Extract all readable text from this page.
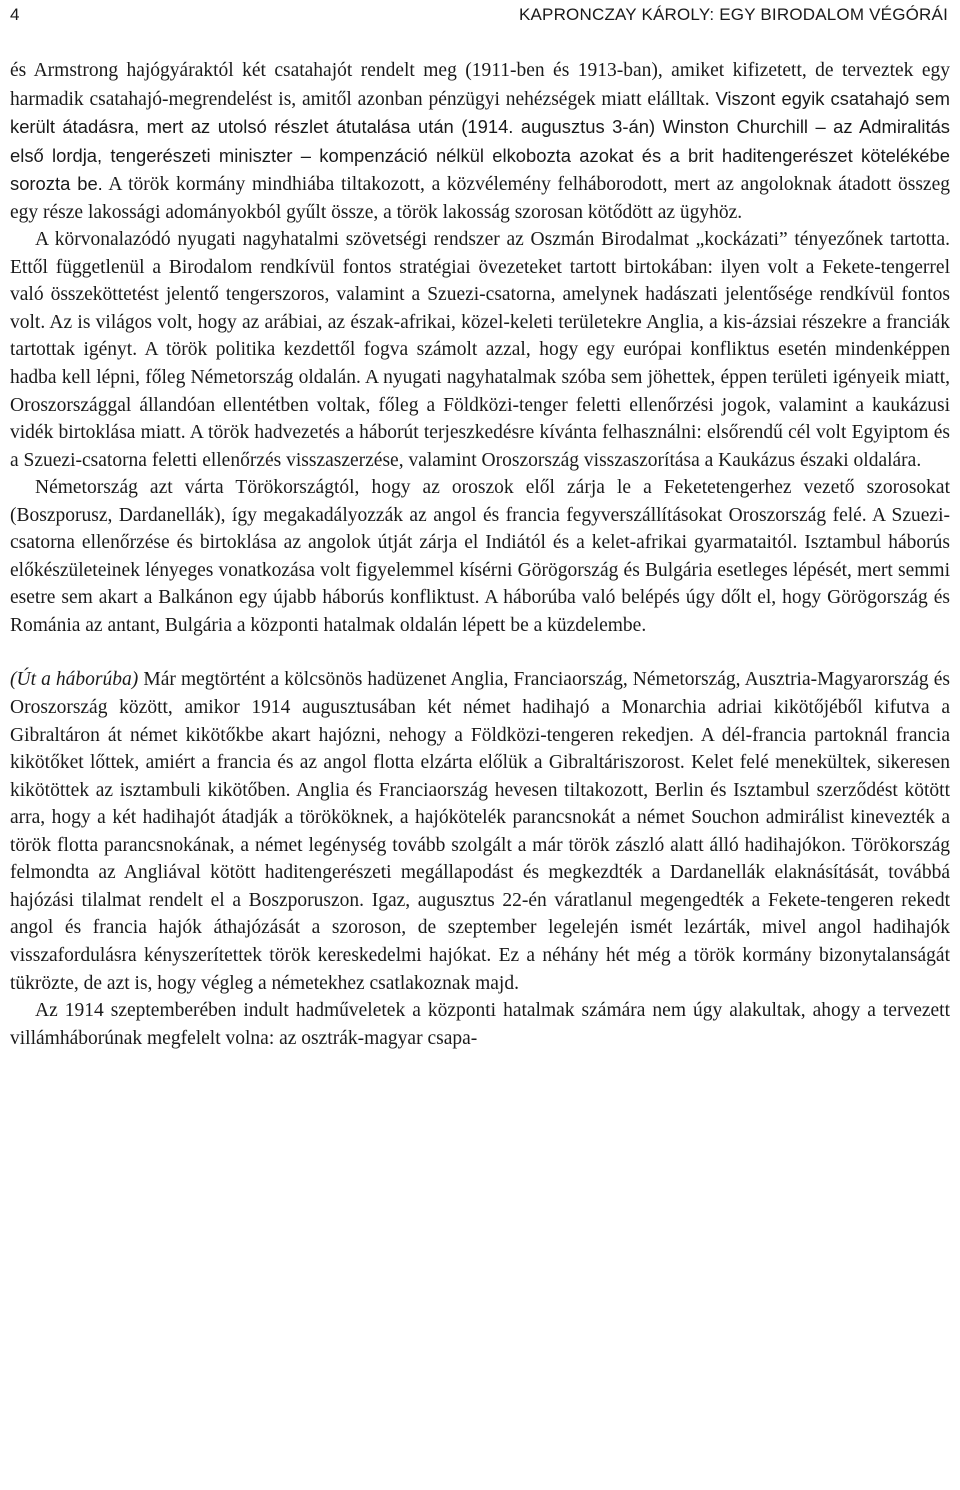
4	KAPRONCZAY KÁROLY: EGY BIRODALOM VÉGÓRÁI

és Armstrong hajógyáraktól két csatahajót rendelt meg (1911-ben és 1913-ban), amiket kifizetett, de terveztek egy harmadik csatahajó-megrendelést is, amitől azonban pénzügyi nehézségek miatt elálltak. Viszont egyik csatahajó sem került átadásra, mert az utolsó részlet átutalása után (1914. augusztus 3-án) Winston Churchill – az Admiralitás első lordja, tengerészeti miniszter – kompenzáció nélkül elkobozta azokat és a brit haditengerészet kötelékébe sorozta be. A török kormány mindhiába tiltakozott, a közvélemény felháborodott, mert az angoloknak átadott összeg egy része lakossági adományokból gyűlt össze, a török lakosság szorosan kötődött az ügyhöz.

A körvonalazódó nyugati nagyhatalmi szövetségi rendszer az Oszmán Birodalmat „kockázati” tényezőnek tartotta. Ettől függetlenül a Birodalom rendkívül fontos stratégiai övezeteket tartott birtokában: ilyen volt a Fekete-tengerrel való összeköttetést jelentő tengerszoros, valamint a Szuezi-csatorna, amelynek hadászati jelentősége rendkívül fontos volt. Az is világos volt, hogy az arábiai, az észak-afrikai, közel-keleti területekre Anglia, a kis-ázsiai részekre a franciák tartottak igényt. A török politika kezdettől fogva számolt azzal, hogy egy európai konfliktus esetén mindenképpen hadba kell lépni, főleg Németország oldalán. A nyugati nagyhatalmak szóba sem jöhettek, éppen területi igényeik miatt, Oroszországgal állandóan ellentétben voltak, főleg a Földközi-tenger feletti ellenőrzési jogok, valamint a kaukázusi vidék birtoklása miatt. A török hadvezetés a háborút terjeszkedésre kívánta felhasználni: elsőrendű cél volt Egyiptom és a Szuezi-csatorna feletti ellenőrzés visszaszerzése, valamint Oroszország visszaszorítása a Kaukázus északi oldalára.

Németország azt várta Törökországtól, hogy az oroszok elől zárja le a Feketetengerhez vezető szorosokat (Boszporusz, Dardanellák), így megakadályozzák az angol és francia fegyverszállításokat Oroszország felé. A Szuezi-csatorna ellenőrzése és birtoklása az angolok útját zárja el Indiától és a kelet-afrikai gyarmataitól. Isztambul háborús előkészületeinek lényeges vonatkozása volt figyelemmel kísérni Görögország és Bulgária esetleges lépését, mert semmi esetre sem akart a Balkánon egy újabb háborús konfliktust. A háborúba való belépés úgy dőlt el, hogy Görögország és Románia az antant, Bulgária a központi hatalmak oldalán lépett be a küzdelembe.

(Út a háborúba) Már megtörtént a kölcsönös hadüzenet Anglia, Franciaország, Németország, Ausztria-Magyarország és Oroszország között, amikor 1914 augusztusában két német hadihajó a Monarchia adriai kikötőjéből kifutva a Gibraltáron át német kikötőkbe akart hajózni, nehogy a Földközi-tengeren rekedjen. A dél-francia partoknál francia kikötőket lőttek, amiért a francia és az angol flotta elzárta előlük a Gibraltáriszorost. Kelet felé menekültek, sikeresen kikötöttek az isztambuli kikötőben. Anglia és Franciaország hevesen tiltakozott, Berlin és Isztambul szerződést kötött arra, hogy a két hadihajót átadják a törököknek, a hajókötelék parancsnokát a német Souchon admirálist kinevezték a török flotta parancsnokának, a német legénység tovább szolgált a már török zászló alatt álló hadihajókon. Törökország felmondta az Angliával kötött haditengerészeti megállapodást és megkezdték a Dardanellák elaknásítását, továbbá hajózási tilalmat rendelt el a Boszporuszon. Igaz, augusztus 22-én váratlanul megengedték a Fekete-tengeren rekedt angol és francia hajók áthajózását a szoroson, de szeptember legelején ismét lezárták, mivel angol hadihajók visszafordulásra kényszerítettek török kereskedelmi hajókat. Ez a néhány hét még a török kormány bizonytalanságát tükrözte, de azt is, hogy végleg a németekhez csatlakoznak majd.

Az 1914 szeptemberében indult hadműveletek a központi hatalmak számára nem úgy alakultak, ahogy a tervezett villámháborúnak megfelelt volna: az osztrák-magyar csapa-
